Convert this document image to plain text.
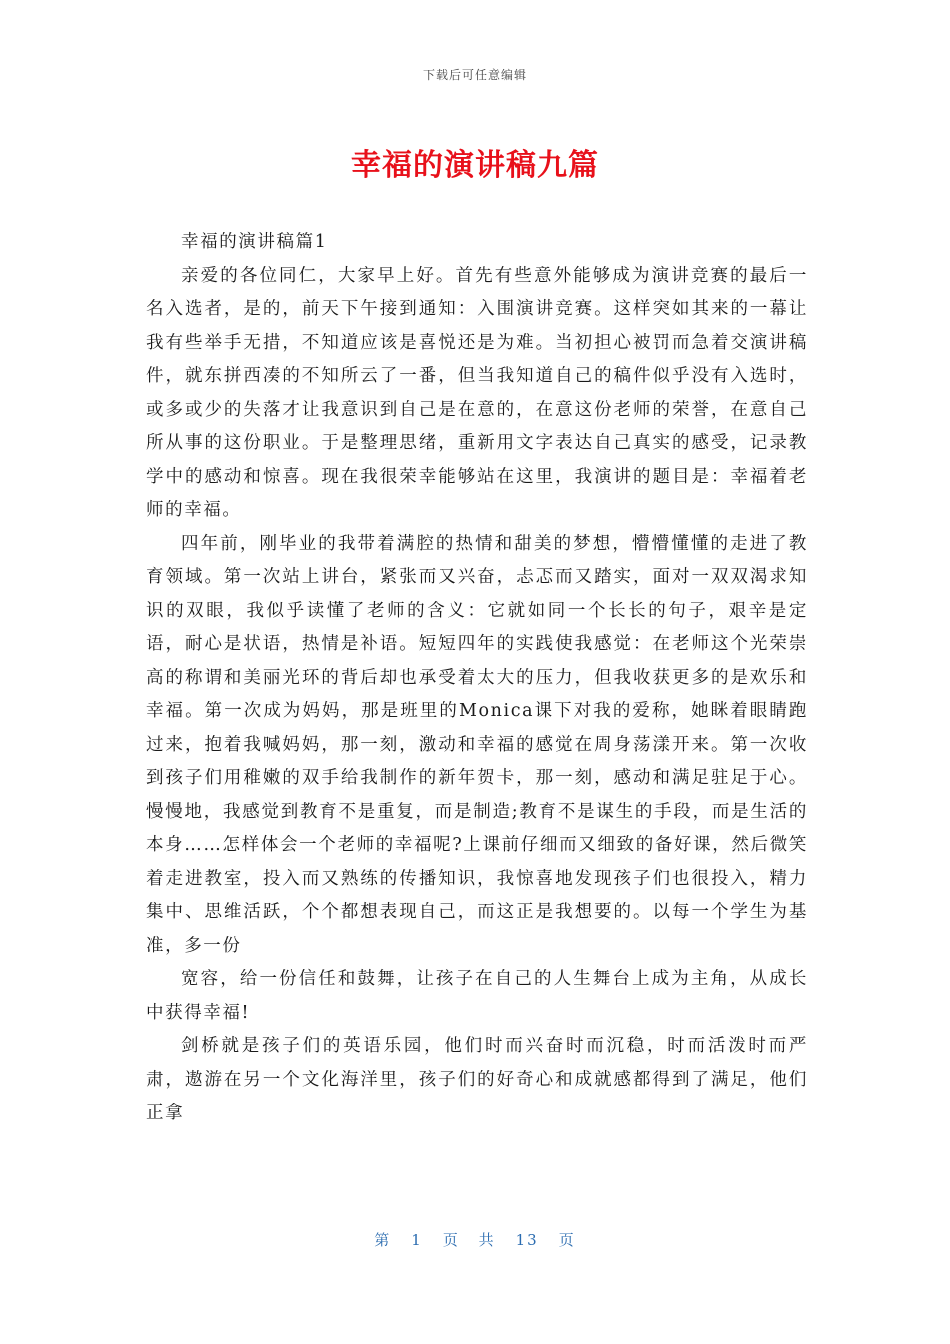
下载后可任意编辑
幸福的演讲稿九篇

幸福的演讲稿篇1

亲爱的各位同仁，大家早上好。首先有些意外能够成为演讲竞赛的最后一名入选者，是的，前天下午接到通知：入围演讲竞赛。这样突如其来的一幕让我有些举手无措，不知道应该是喜悦还是为难。当初担心被罚而急着交演讲稿件，就东拼西凑的不知所云了一番，但当我知道自己的稿件似乎没有入选时，或多或少的失落才让我意识到自己是在意的，在意这份老师的荣誉，在意自己所从事的这份职业。于是整理思绪，重新用文字表达自己真实的感受，记录教学中的感动和惊喜。现在我很荣幸能够站在这里，我演讲的题目是：幸福着老师的幸福。

四年前，刚毕业的我带着满腔的热情和甜美的梦想，懵懵懂懂的走进了教育领域。第一次站上讲台，紧张而又兴奋，忐忑而又踏实，面对一双双渴求知识的双眼，我似乎读懂了老师的含义：它就如同一个长长的句子，艰辛是定语，耐心是状语，热情是补语。短短四年的实践使我感觉：在老师这个光荣崇高的称谓和美丽光环的背后却也承受着太大的压力，但我收获更多的是欢乐和幸福。第一次成为妈妈，那是班里的Monica课下对我的爱称，她眯着眼睛跑过来，抱着我喊妈妈，那一刻，激动和幸福的感觉在周身荡漾开来。第一次收到孩子们用稚嫩的双手给我制作的新年贺卡，那一刻，感动和满足驻足于心。慢慢地，我感觉到教育不是重复，而是制造;教育不是谋生的手段，而是生活的本身……怎样体会一个老师的幸福呢?上课前仔细而又细致的备好课，然后微笑着走进教室，投入而又熟练的传播知识，我惊喜地发现孩子们也很投入，精力集中、思维活跃，个个都想表现自己，而这正是我想要的。以每一个学生为基准，多一份

宽容，给一份信任和鼓舞，让孩子在自己的人生舞台上成为主角，从成长中获得幸福!

剑桥就是孩子们的英语乐园，他们时而兴奋时而沉稳，时而活泼时而严肃，遨游在另一个文化海洋里，孩子们的好奇心和成就感都得到了满足，他们正拿

第 1 页 共 13 页
